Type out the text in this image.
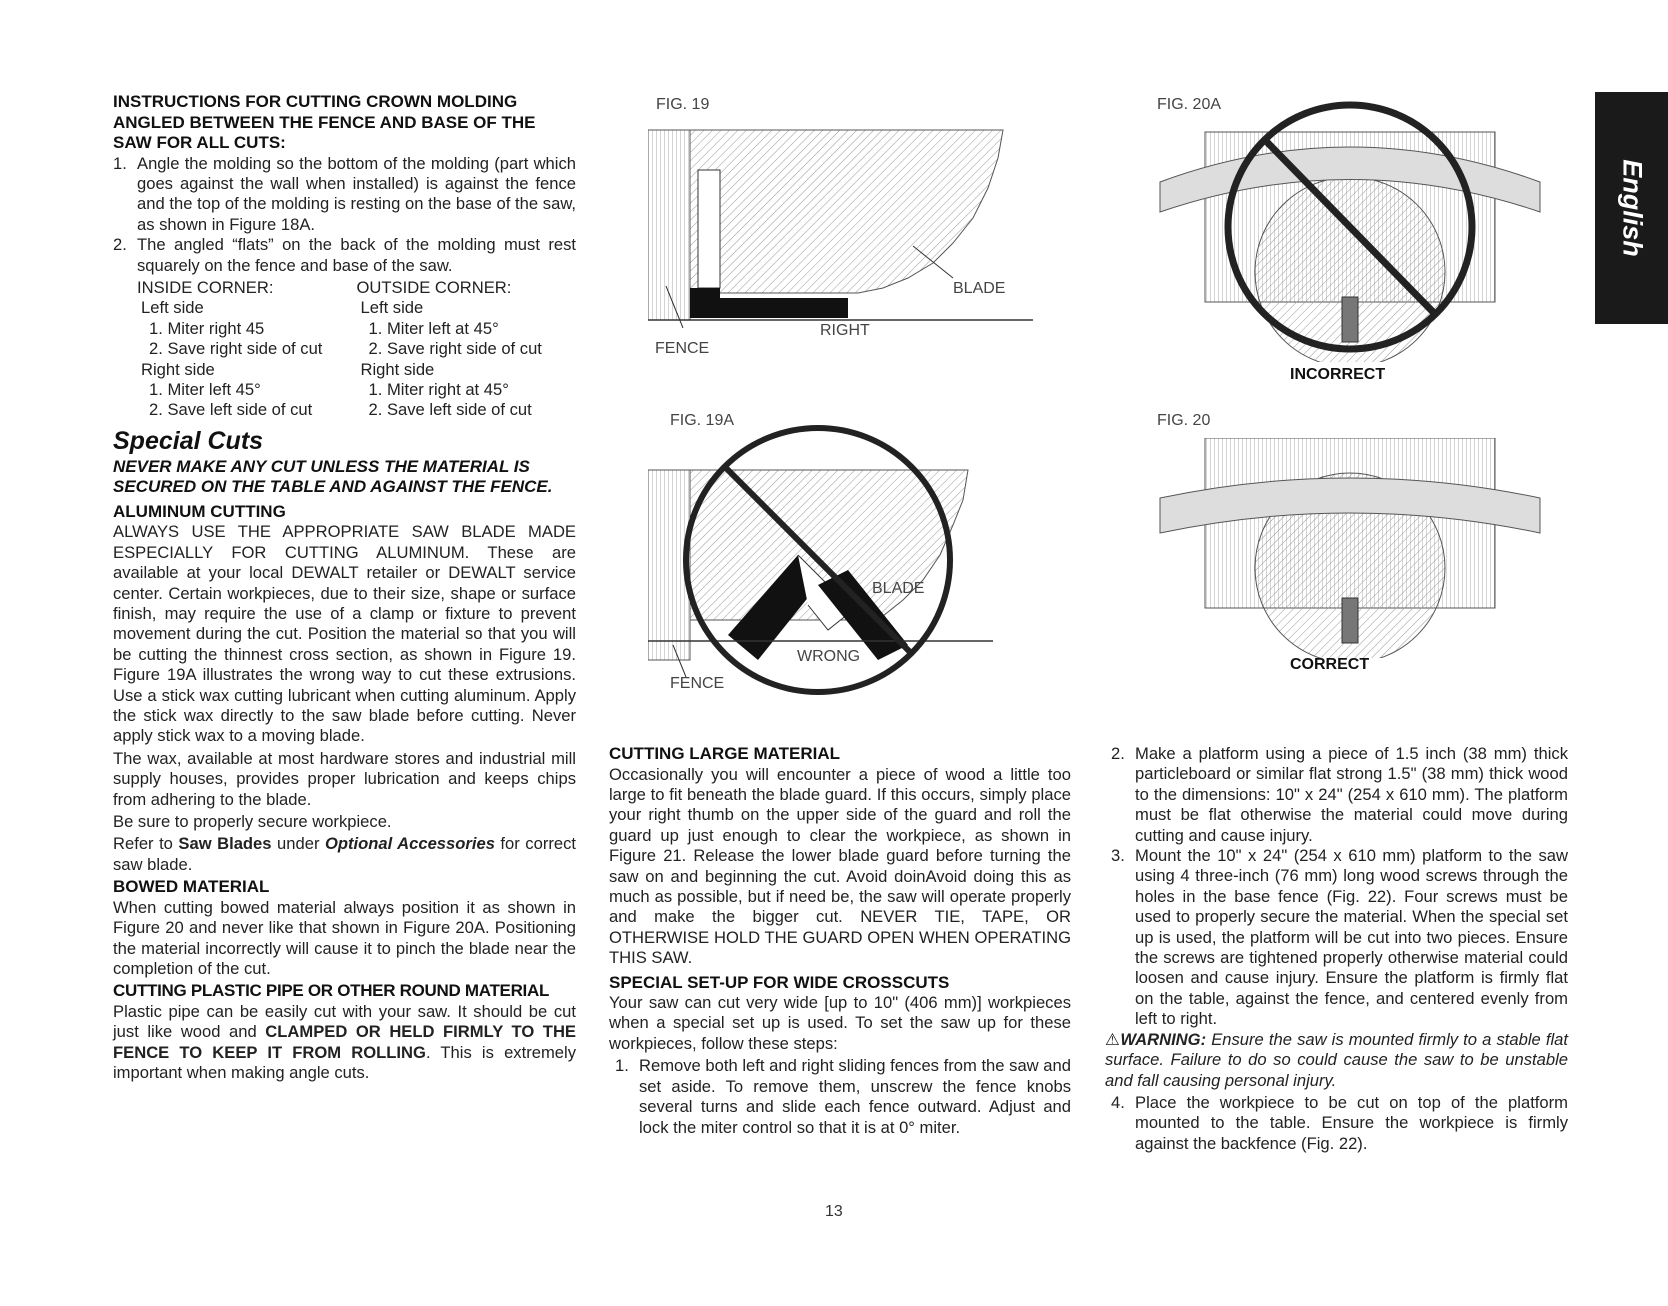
INSTRUCTIONS FOR CUTTING CROWN MOLDING ANGLED BETWEEN THE FENCE AND BASE OF THE SAW FOR ALL CUTS:
1. Angle the molding so the bottom of the molding (part which goes against the wall when installed) is against the fence and the top of the molding is resting on the base of the saw, as shown in Figure 18A.
2. The angled “flats” on the back of the molding must rest squarely on the fence and base of the saw.

INSIDE CORNER:

Left side

1. Miter right 45

2. Save right side of cut

Right side

1. Miter left 45°

2. Save left side of cut

OUTSIDE CORNER:

Left side

1. Miter left at 45°

2. Save right side of cut

Right side

1. Miter right at 45°

2. Save left side of cut

Special Cuts
NEVER MAKE ANY CUT UNLESS THE MATERIAL IS SECURED ON THE TABLE AND AGAINST THE FENCE.
ALUMINUM CUTTING

ALWAYS USE THE APPROPRIATE SAW BLADE MADE ESPECIALLY FOR CUTTING ALUMINUM. These are available at your local DEWALT retailer or DEWALT service center. Certain workpieces, due to their size, shape or surface finish, may require the use of a clamp or fixture to prevent movement during the cut. Position the material so that you will be cutting the thinnest cross section, as shown in Figure 19. Figure 19A illustrates the wrong way to cut these extrusions. Use a stick wax cutting lubricant when cutting aluminum. Apply the stick wax directly to the saw blade before cutting. Never apply stick wax to a moving blade.

The wax, available at most hardware stores and industrial mill supply houses, provides proper lubrication and keeps chips from adhering to the blade.

Be sure to properly secure workpiece.

Refer to Saw Blades under Optional Accessories for correct saw blade.

BOWED MATERIAL

When cutting bowed material always position it as shown in Figure 20 and never like that shown in Figure 20A. Positioning the material incorrectly will cause it to pinch the blade near the completion of the cut.

CUTTING PLASTIC PIPE OR OTHER ROUND MATERIAL

Plastic pipe can be easily cut with your saw. It should be cut just like wood and CLAMPED OR HELD FIRMLY TO THE FENCE TO KEEP IT FROM ROLLING. This is extremely important when making angle cuts.

FIG. 19
BLADE
RIGHT
FENCE
FIG. 19A
BLADE
WRONG
FENCE
FIG. 20A
INCORRECT
FIG. 20
CORRECT
CUTTING LARGE MATERIAL

Occasionally you will encounter a piece of wood a little too large to fit beneath the blade guard. If this occurs, simply place your right thumb on the upper side of the guard and roll the guard up just enough to clear the workpiece, as shown in Figure 21. Release the lower blade guard before turning the saw on and beginning the cut. Avoid doinAvoid doing this as much as possible, but if need be, the saw will operate properly and make the bigger cut. NEVER TIE, TAPE, OR OTHERWISE HOLD THE GUARD OPEN WHEN OPERATING THIS SAW.

SPECIAL SET-UP FOR WIDE CROSSCUTS

Your saw can cut very wide [up to 10" (406 mm)] workpieces when a special set up is used. To set the saw up for these workpieces, follow these steps:

1. Remove both left and right sliding fences from the saw and set aside. To remove them, unscrew the fence knobs several turns and slide each fence outward. Adjust and lock the miter control so that it is at 0° miter.
2. Make a platform using a piece of 1.5 inch (38 mm) thick particleboard or similar flat strong 1.5" (38 mm) thick wood to the dimensions: 10" x 24" (254 x 610 mm). The platform must be flat otherwise the material could move during cutting and cause injury.
3. Mount the 10" x 24" (254 x 610 mm) platform to the saw using 4 three-inch (76 mm) long wood screws through the holes in the base fence (Fig. 22). Four screws must be used to properly secure the material. When the special set up is used, the platform will be cut into two pieces. Ensure the screws are tightened properly otherwise material could loosen and cause injury. Ensure the platform is firmly flat on the table, against the fence, and centered evenly from left to right.

⚠WARNING: Ensure the saw is mounted firmly to a stable flat surface. Failure to do so could cause the saw to be unstable and fall causing personal injury.

4. Place the workpiece to be cut on top of the platform mounted to the table. Ensure the workpiece is firmly against the backfence (Fig. 22).
English
13
